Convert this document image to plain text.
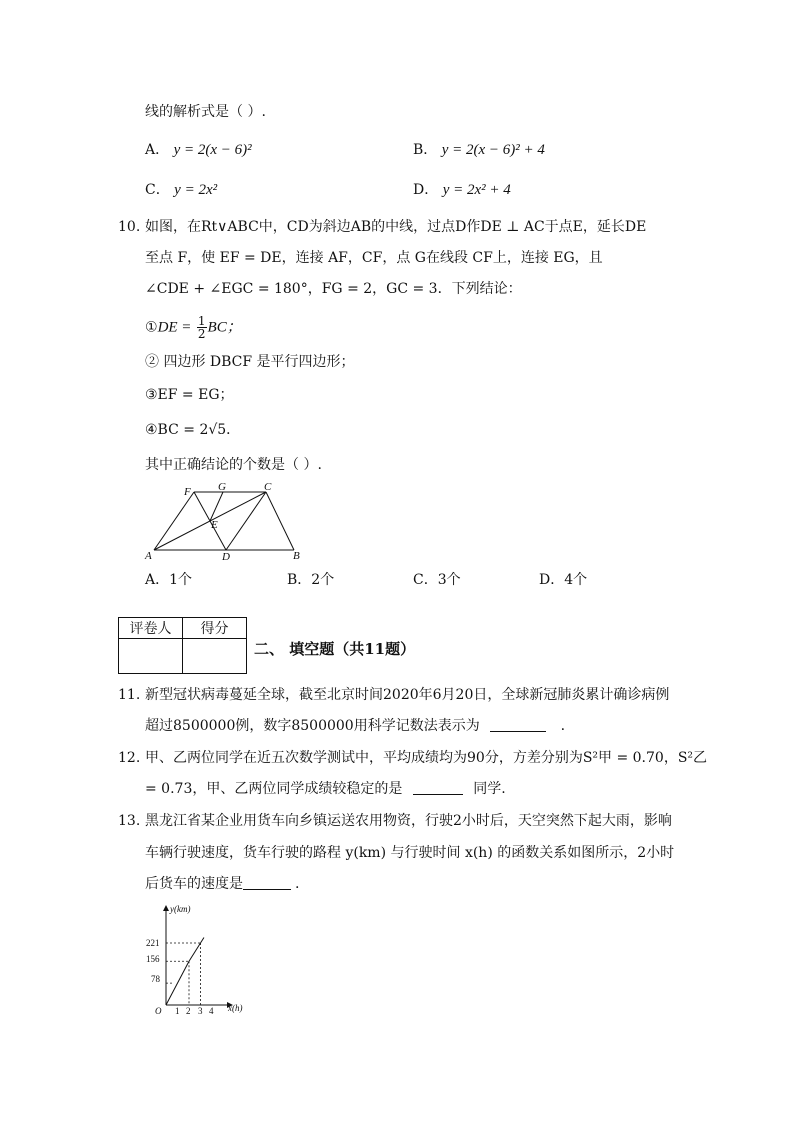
线的解析式是（ ）.
A． y = 2(x − 6)²	B． y = 2(x − 6)² + 4
C． y = 2x²	D． y = 2x² + 4
10. 如图，在Rt∨ABC中，CD为斜边AB的中线，过点D作DE ⊥ AC于点E，延长DE
至点 F，使 EF = DE，连接 AF，CF，点 G在线段 CF上，连接 EG，且
∠CDE + ∠EGC = 180°，FG = 2，GC = 3．下列结论：
①DE = $\frac{1}{2}$ BC；
② 四边形 DBCF 是平行四边形；
③EF = EG；
④BC = 2√5．
其中正确结论的个数是（ ）.
F G	C
E
A	D	B
A．1个	B．2个	C．3个	D．4个
评卷人	得分

二、 填空题（共11题）
11. 新型冠状病毒蔓延全球，截至北京时间2020年6月20日，全球新冠肺炎累计确诊病例
超过8500000例，数字8500000用科学记数法表示为	.
12. 甲、乙两位同学在近五次数学测试中，平均成绩均为90分，方差分别为S²甲 = 0.70，S²乙
= 0.73，甲、乙两位同学成绩较稳定的是	同学.
13. 黑龙江省某企业用货车向乡镇运送农用物资，行驶2小时后，天空突然下起大雨，影响
车辆行驶速度，货车行驶的路程 y(km) 与行驶时间 x(h) 的函数关系如图所示，2小时
后货车的速度是	.
y(km)
x(h)
O
221
156
78
1 2 3 4
